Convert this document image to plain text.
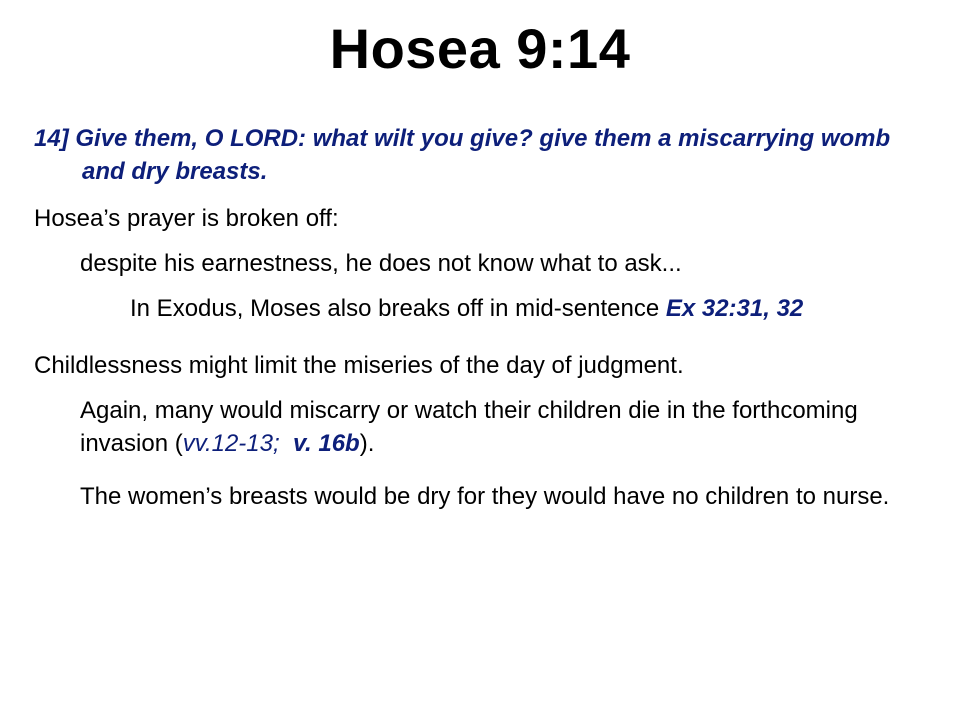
Hosea 9:14

14] Give them, O LORD: what wilt you give? give them a miscarrying womb and dry breasts.

Hosea’s prayer is broken off:

despite his earnestness, he does not know what to ask...

In Exodus, Moses also breaks off in mid-sentence Ex 32:31, 32

Childlessness might limit the miseries of the day of judgment.

Again, many would miscarry or watch their children die in the forthcoming invasion (vv.12-13; v. 16b).

The women’s breasts would be dry for they would have no children to nurse.
